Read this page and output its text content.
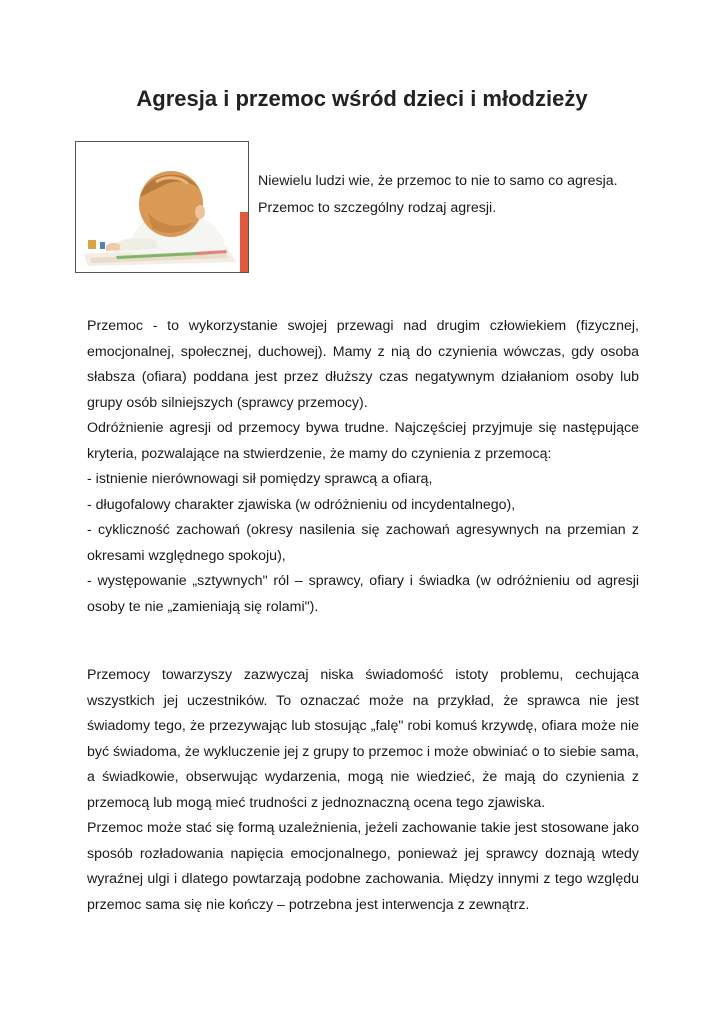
Agresja i przemoc wśród dzieci i młodzieży

Niewielu ludzi wie, że przemoc to nie to samo co agresja.

Przemoc to szczególny rodzaj agresji.

Przemoc - to wykorzystanie swojej przewagi nad drugim człowiekiem (fizycznej, emocjonalnej, społecznej, duchowej). Mamy z nią do czynienia wówczas, gdy osoba słabsza (ofiara) poddana jest przez dłuższy czas negatywnym działaniom osoby lub grupy osób silniejszych (sprawcy przemocy).

Odróżnienie agresji od przemocy bywa trudne. Najczęściej przyjmuje się następujące kryteria, pozwalające na stwierdzenie, że mamy do czynienia z przemocą:

- istnienie nierównowagi sił pomiędzy sprawcą a ofiarą,

- długofalowy charakter zjawiska (w odróżnieniu od incydentalnego),

- cykliczność zachowań (okresy nasilenia się zachowań agresywnych na przemian z okresami względnego spokoju),

- występowanie „sztywnych" ról – sprawcy, ofiary i świadka (w odróżnieniu od agresji osoby te nie „zamieniają się rolami").

Przemocy towarzyszy zazwyczaj niska świadomość istoty problemu, cechująca wszystkich jej uczestników. To oznaczać może na przykład, że sprawca nie jest świadomy tego, że przezywając lub stosując „falę" robi komuś krzywdę, ofiara może nie być świadoma, że wykluczenie jej z grupy to przemoc i może obwiniać o to siebie sama, a świadkowie, obserwując wydarzenia, mogą nie wiedzieć, że mają do czynienia z przemocą lub mogą mieć trudności z jednoznaczną ocena tego zjawiska.

Przemoc może stać się formą uzależnienia, jeżeli zachowanie takie jest stosowane jako sposób rozładowania napięcia emocjonalnego, ponieważ jej sprawcy doznają wtedy wyraźnej ulgi i dlatego powtarzają podobne zachowania. Między innymi z tego względu przemoc sama się nie kończy – potrzebna jest interwencja z zewnątrz.
